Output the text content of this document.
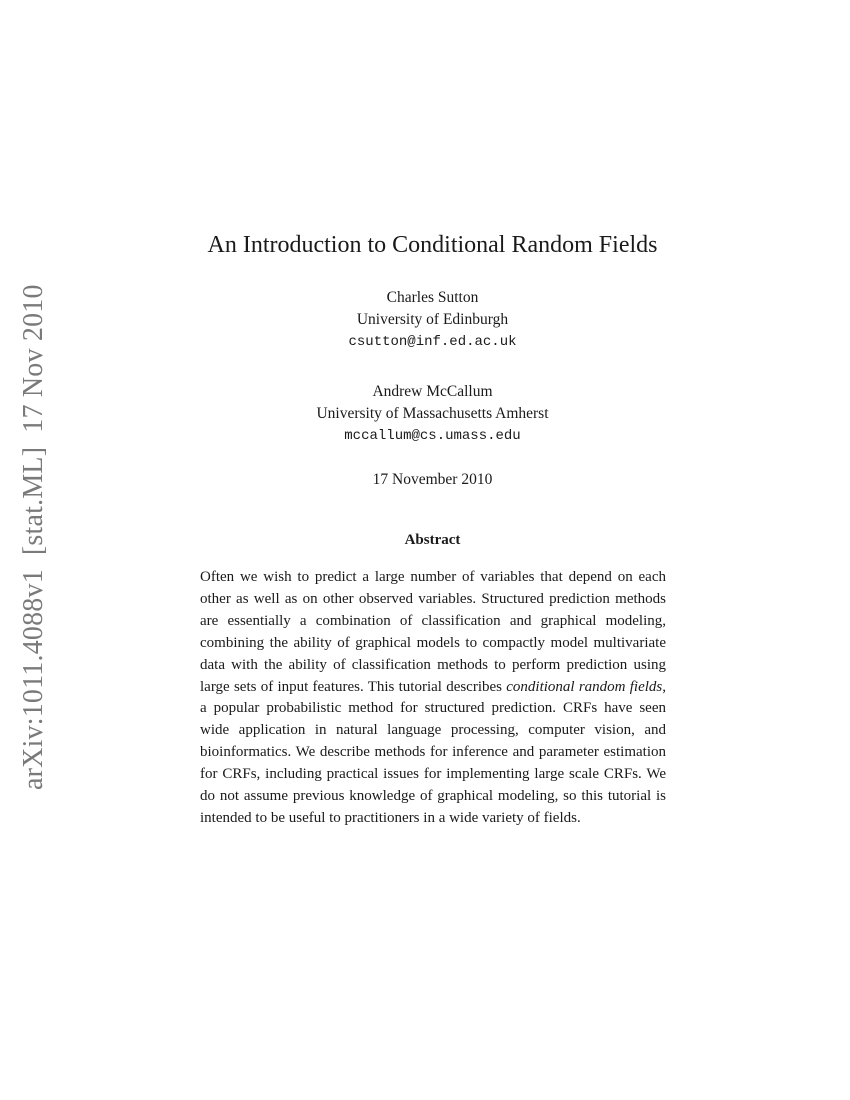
arXiv:1011.4088v1[stat.ML]17 Nov 2010
An Introduction to Conditional Random Fields
Charles Sutton
University of Edinburgh
csutton@inf.ed.ac.uk
Andrew McCallum
University of Massachusetts Amherst
mccallum@cs.umass.edu
17 November 2010
Abstract
Often we wish to predict a large number of variables that depend on each other as well as on other observed variables. Structured prediction methods are essentially a combination of classification and graphical modeling, combining the ability of graphical models to compactly model multivariate data with the ability of classification methods to perform prediction using large sets of input features. This tutorial describes conditional random fields, a popular probabilistic method for structured prediction. CRFs have seen wide application in natural language processing, computer vision, and bioinformatics. We describe methods for inference and parameter estimation for CRFs, including practical issues for implementing large scale CRFs. We do not assume previous knowledge of graphical modeling, so this tutorial is intended to be useful to practitioners in a wide variety of fields.
